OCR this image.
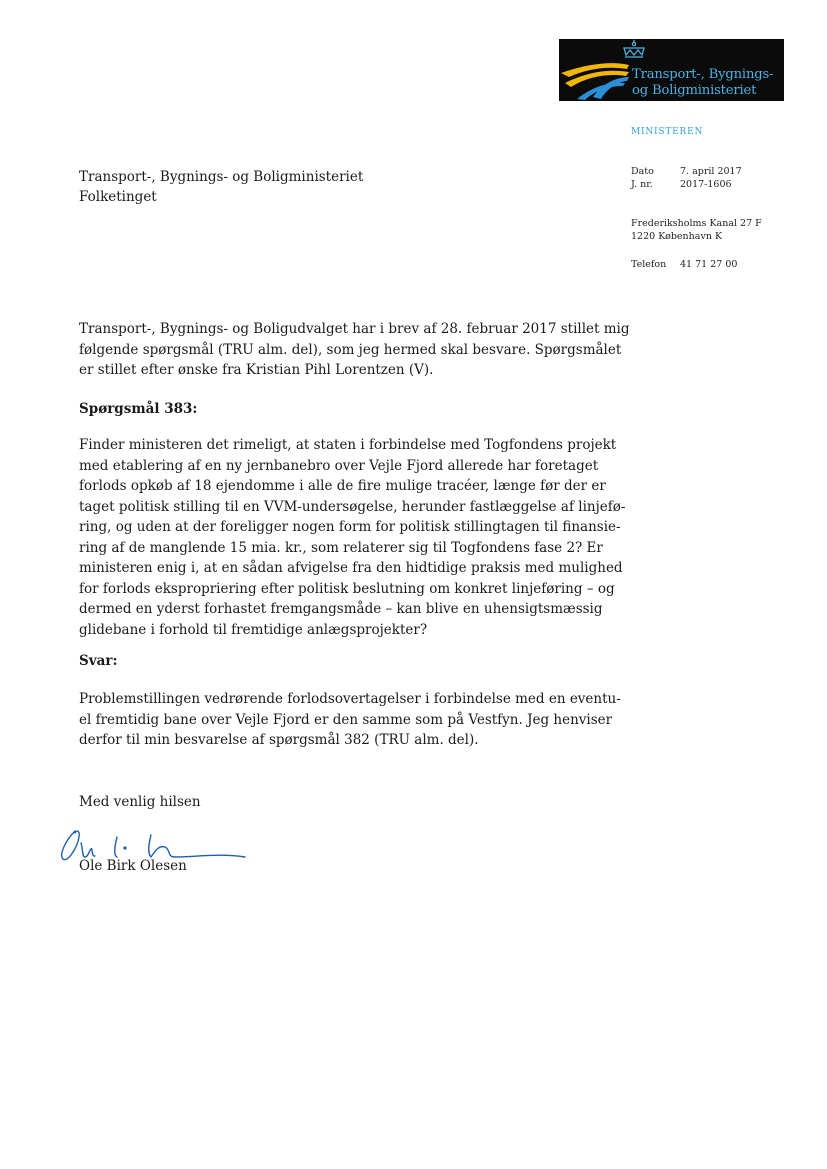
Transport-, Bygnings-
og Boligministeriet
MINISTEREN
Dato	7. april 2017
J. nr.	2017-1606
Frederiksholms Kanal 27 F
1220 København K
Telefon 41 71 27 00
Transport-, Bygnings- og Boligministeriet
Folketinget
Transport-, Bygnings- og Boligudvalget har i brev af 28. februar 2017 stillet mig
følgende spørgsmål (TRU alm. del), som jeg hermed skal besvare. Spørgsmålet
er stillet efter ønske fra Kristian Pihl Lorentzen (V).
Spørgsmål 383:
Finder ministeren det rimeligt, at staten i forbindelse med Togfondens projekt
med etablering af en ny jernbanebro over Vejle Fjord allerede har foretaget
forlods opkøb af 18 ejendomme i alle de fire mulige tracéer, længe før der er
taget politisk stilling til en VVM-undersøgelse, herunder fastlæggelse af linjefø-
ring, og uden at der foreligger nogen form for politisk stillingtagen til finansie-
ring af de manglende 15 mia. kr., som relaterer sig til Togfondens fase 2? Er
ministeren enig i, at en sådan afvigelse fra den hidtidige praksis med mulighed
for forlods ekspropriering efter politisk beslutning om konkret linjeføring – og
dermed en yderst forhastet fremgangsmåde – kan blive en uhensigtsmæssig
glidebane i forhold til fremtidige anlægsprojekter?
Svar:
Problemstillingen vedrørende forlodsovertagelser i forbindelse med en eventu-
el fremtidig bane over Vejle Fjord er den samme som på Vestfyn. Jeg henviser
derfor til min besvarelse af spørgsmål 382 (TRU alm. del).
Med venlig hilsen
Ole Birk Olesen
